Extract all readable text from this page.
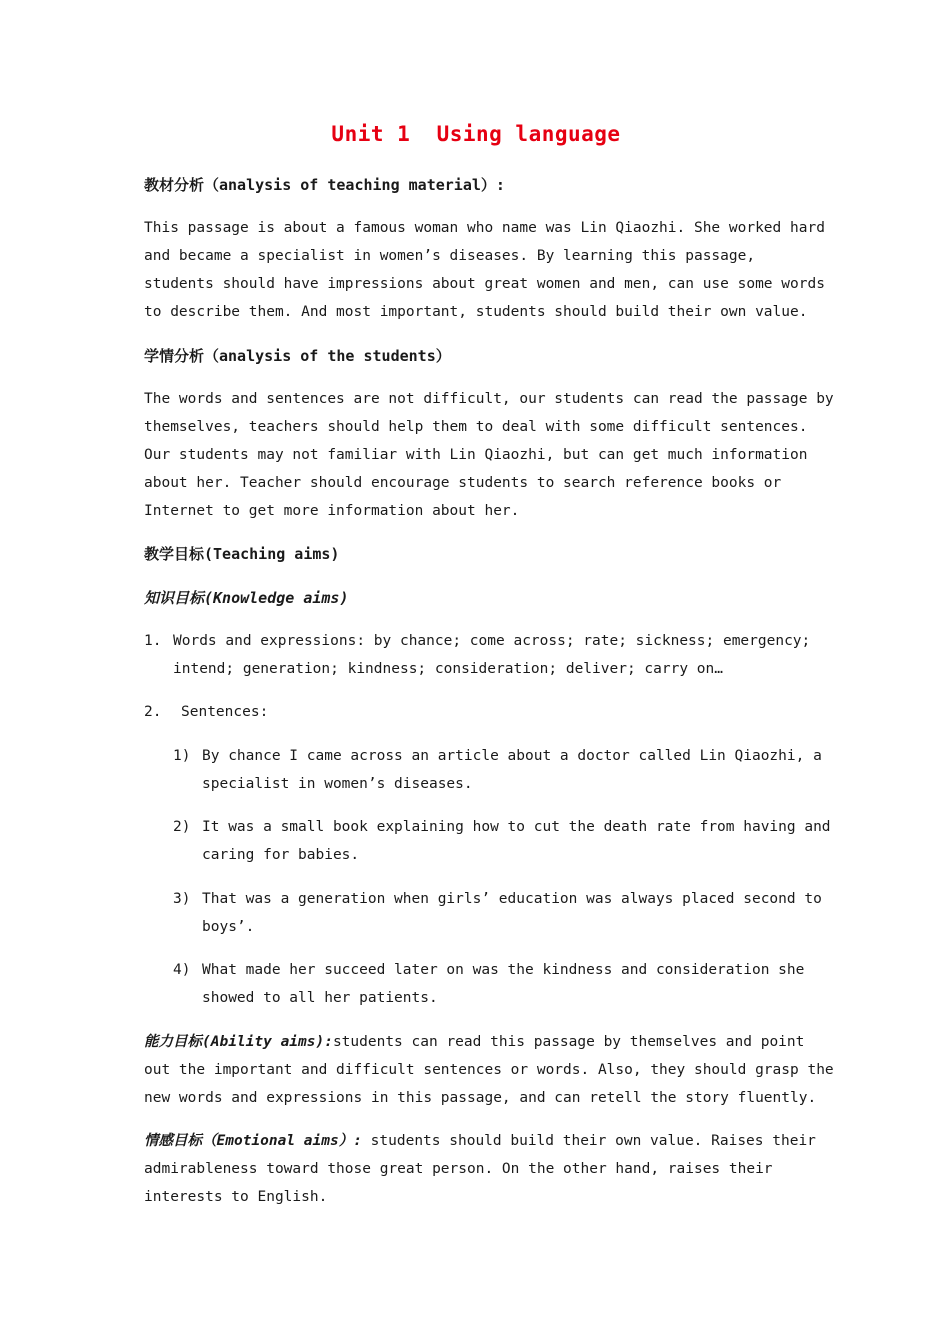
Unit 1  Using language
教材分析（analysis of teaching material）:
This passage is about a famous woman who name was Lin Qiaozhi. She worked hard
and became a specialist in women’s diseases. By learning this passage,
students should have impressions about great women and men, can use some words
to describe them. And most important, students should build their own value.
学情分析（analysis of the students）
The words and sentences are not difficult, our students can read the passage by
themselves, teachers should help them to deal with some difficult sentences.
Our students may not familiar with Lin Qiaozhi, but can get much information
about her. Teacher should encourage students to search reference books or
Internet to get more information about her.
教学目标(Teaching aims)
知识目标(Knowledge aims)
1. Words and expressions: by chance; come across; rate; sickness; emergency;
intend; generation; kindness; consideration; deliver; carry on…
2. Sentences:
1) By chance I came across an article about a doctor called Lin Qiaozhi, a
specialist in women’s diseases.
2) It was a small book explaining how to cut the death rate from having and
caring for babies.
3) That was a generation when girls’ education was always placed second to
boys’.
4) What made her succeed later on was the kindness and consideration she
showed to all her patients.
能力目标(Ability aims):students can read this passage by themselves and point
out the important and difficult sentences or words. Also, they should grasp the
new words and expressions in this passage, and can retell the story fluently.
情感目标（Emotional aims）: students should build their own value. Raises their
admirableness toward those great person. On the other hand, raises their
interests to English.
